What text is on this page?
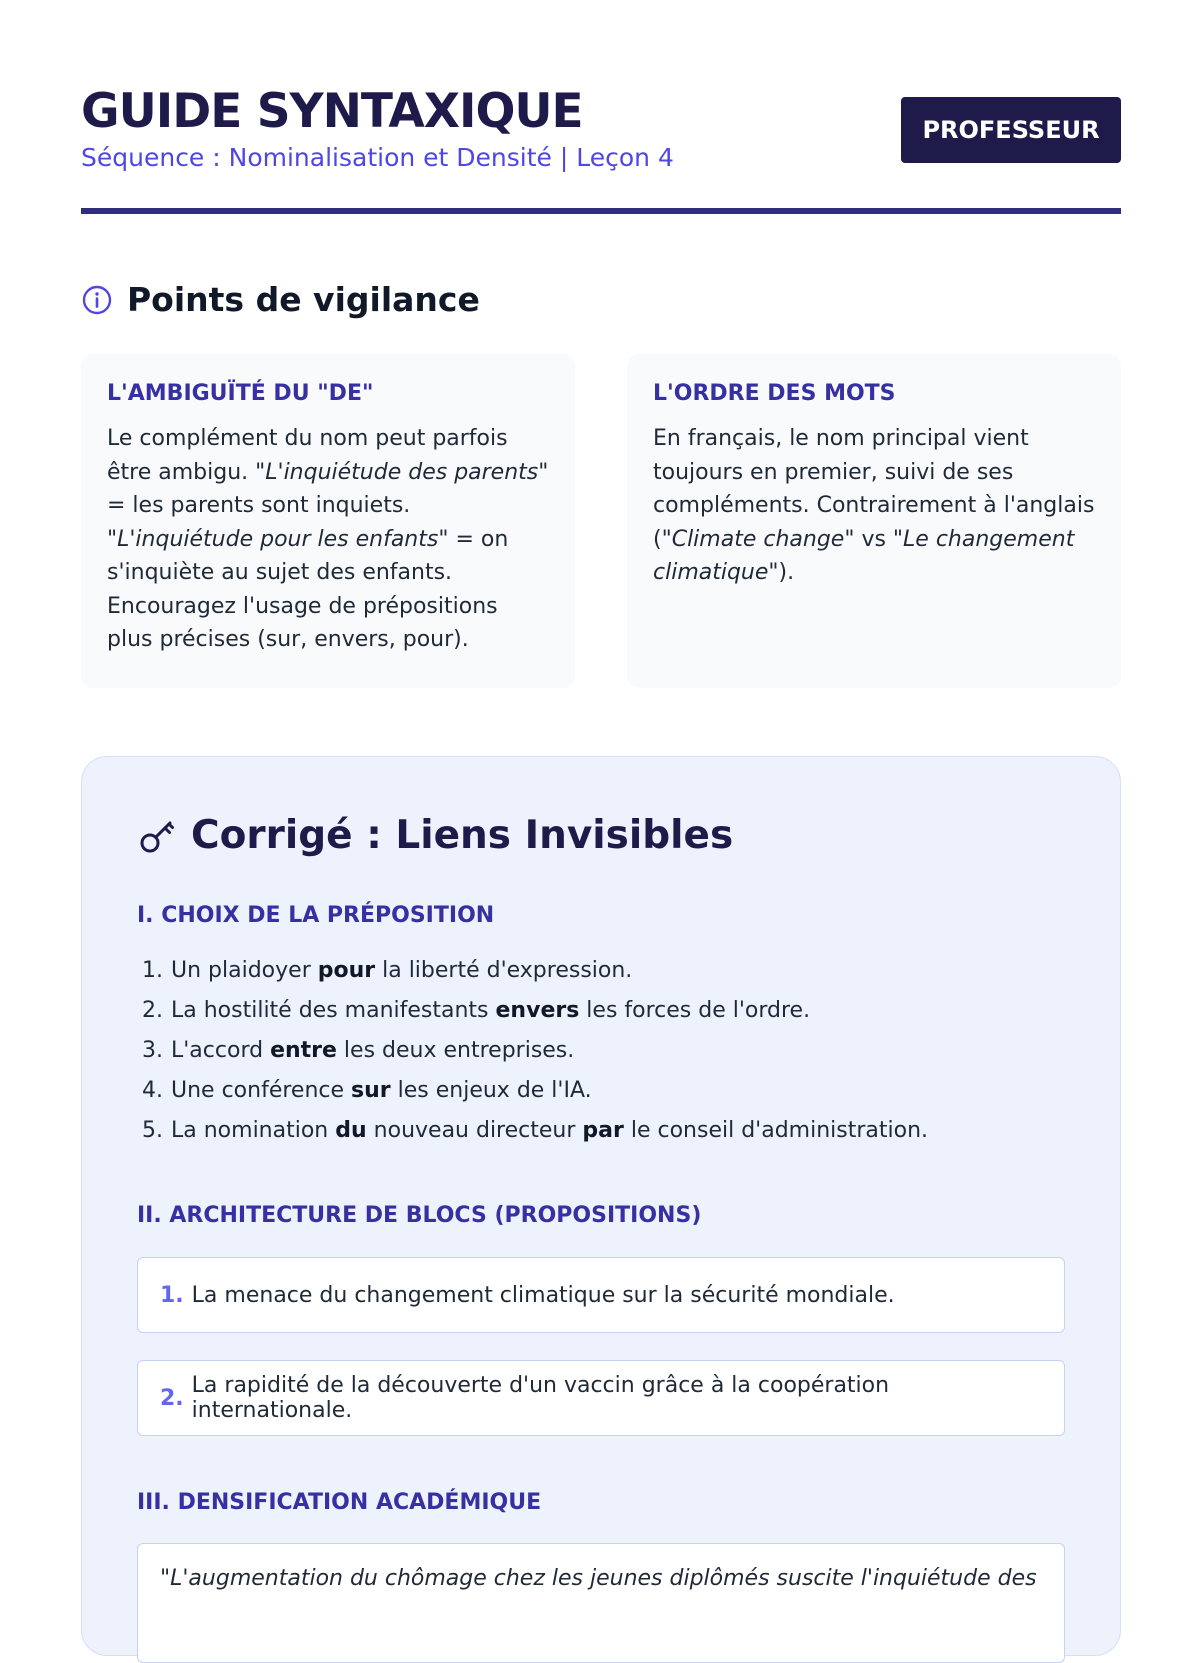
GUIDE SYNTAXIQUE
Séquence : Nominalisation et Densité | Leçon 4
PROFESSEUR
Points de vigilance
L'AMBIGUÏTÉ DU "DE"
Le complément du nom peut parfois être ambigu. "L'inquiétude des parents" = les parents sont inquiets. "L'inquiétude pour les enfants" = on s'inquiète au sujet des enfants. Encouragez l'usage de prépositions plus précises (sur, envers, pour).
L'ORDRE DES MOTS
En français, le nom principal vient toujours en premier, suivi de ses compléments. Contrairement à l'anglais ("Climate change" vs "Le changement climatique").
Corrigé : Liens Invisibles
I. CHOIX DE LA PRÉPOSITION
1. Un plaidoyer pour la liberté d'expression.
2. La hostilité des manifestants envers les forces de l'ordre.
3. L'accord entre les deux entreprises.
4. Une conférence sur les enjeux de l'IA.
5. La nomination du nouveau directeur par le conseil d'administration.
II. ARCHITECTURE DE BLOCS (PROPOSITIONS)
1. La menace du changement climatique sur la sécurité mondiale.
2. La rapidité de la découverte d'un vaccin grâce à la coopération internationale.
III. DENSIFICATION ACADÉMIQUE
"L'augmentation du chômage chez les jeunes diplômés suscite l'inquiétude des
